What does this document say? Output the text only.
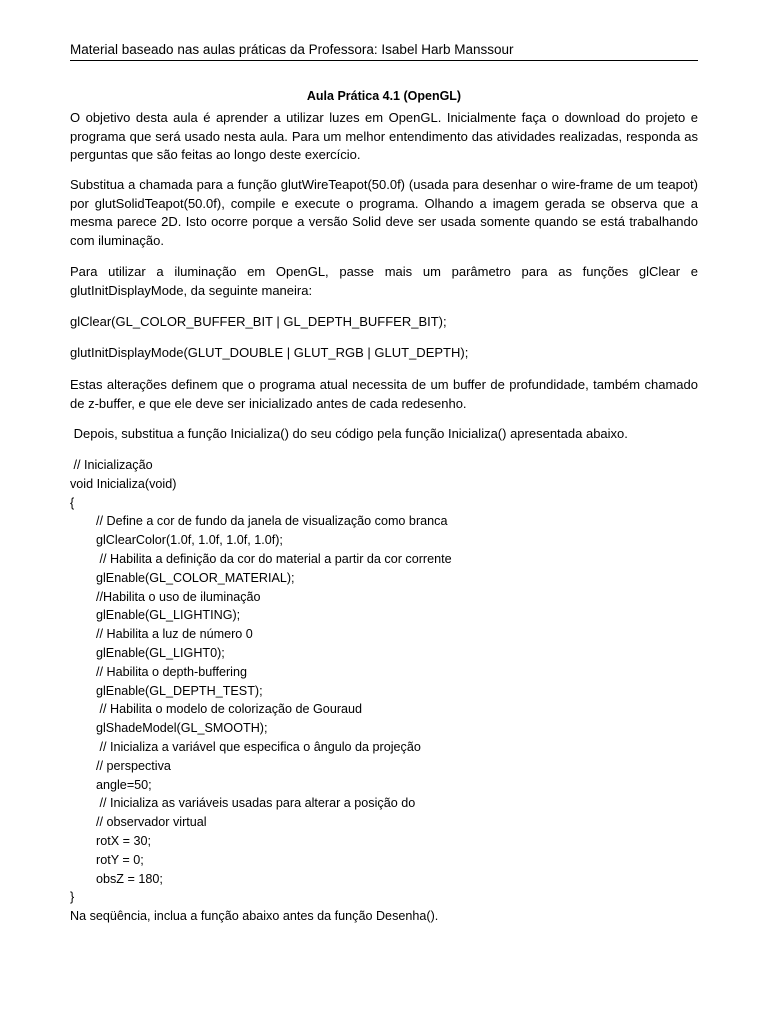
Material baseado nas aulas práticas da Professora: Isabel Harb Manssour
Aula Prática 4.1 (OpenGL)

O objetivo desta aula é aprender a utilizar luzes em OpenGL. Inicialmente faça o download do projeto e programa que será usado nesta aula. Para um melhor entendimento das atividades realizadas, responda as perguntas que são feitas ao longo deste exercício.

Substitua a chamada para a função glutWireTeapot(50.0f) (usada para desenhar o wire-frame de um teapot) por glutSolidTeapot(50.0f), compile e execute o programa. Olhando a imagem gerada se observa que a mesma parece 2D. Isto ocorre porque a versão Solid deve ser usada somente quando se está trabalhando com iluminação.

Para utilizar a iluminação em OpenGL, passe mais um parâmetro para as funções glClear e glutInitDisplayMode, da seguinte maneira:

glClear(GL_COLOR_BUFFER_BIT | GL_DEPTH_BUFFER_BIT);

glutInitDisplayMode(GLUT_DOUBLE | GLUT_RGB | GLUT_DEPTH);

Estas alterações definem que o programa atual necessita de um buffer de profundidade, também chamado de z-buffer, e que ele deve ser inicializado antes de cada redesenho.

Depois, substitua a função Inicializa() do seu código pela função Inicializa() apresentada abaixo.

// Inicialização
void Inicializa(void)
{
// Define a cor de fundo da janela de visualização como branca
glClearColor(1.0f, 1.0f, 1.0f, 1.0f);
// Habilita a definição da cor do material a partir da cor corrente
glEnable(GL_COLOR_MATERIAL);
//Habilita o uso de iluminação
glEnable(GL_LIGHTING);
// Habilita a luz de número 0
glEnable(GL_LIGHT0);
// Habilita o depth-buffering
glEnable(GL_DEPTH_TEST);
// Habilita o modelo de colorização de Gouraud
glShadeModel(GL_SMOOTH);
// Inicializa a variável que especifica o ângulo da projeção
// perspectiva
angle=50;
// Inicializa as variáveis usadas para alterar a posição do
// observador virtual
rotX = 30;
rotY = 0;
obsZ = 180;
}
Na seqüência, inclua a função abaixo antes da função Desenha().
